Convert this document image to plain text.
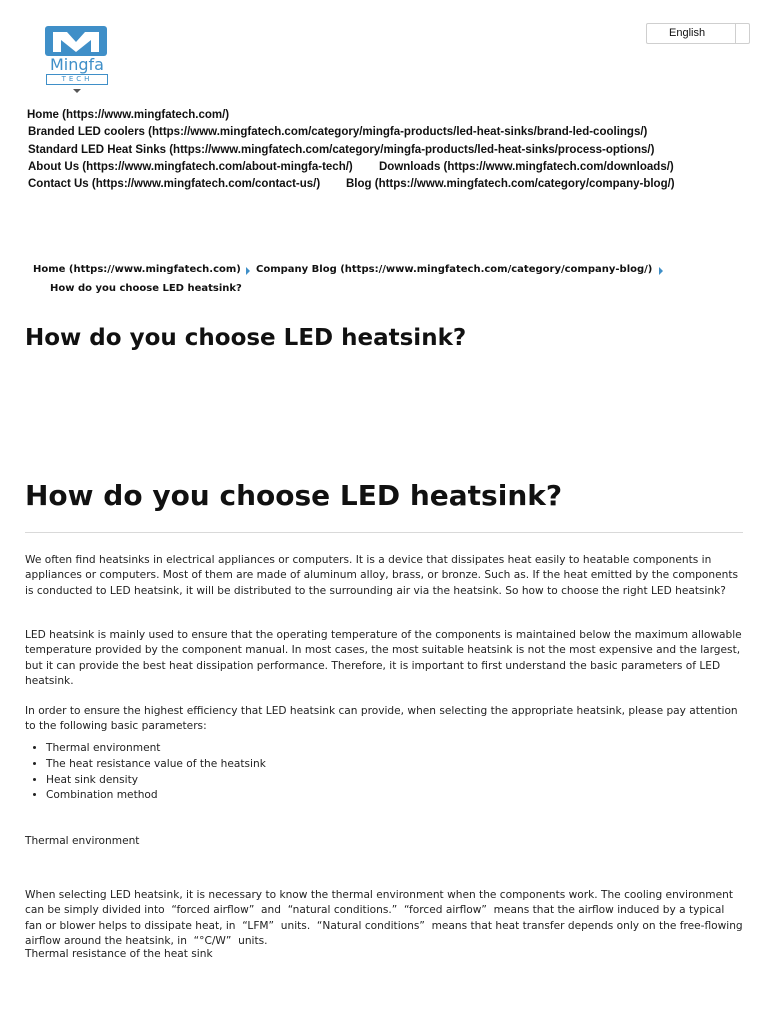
Mingfa
TECH
English
Home (https://www.mingfatech.com/)
Branded LED coolers (https://www.mingfatech.com/category/mingfa-products/led-heat-sinks/brand-led-coolings/)
Standard LED Heat Sinks (https://www.mingfatech.com/category/mingfa-products/led-heat-sinks/process-options/)
About Us (https://www.mingfatech.com/about-mingfa-tech/) Downloads (https://www.mingfatech.com/downloads/)
Contact Us (https://www.mingfatech.com/contact-us/) Blog (https://www.mingfatech.com/category/company-blog/)
Home (https://www.mingfatech.com) Company Blog (https://www.mingfatech.com/category/company-blog/)
How do you choose LED heatsink?
How do you choose LED heatsink?
How do you choose LED heatsink?

We often find heatsinks in electrical appliances or computers. It is a device that dissipates heat easily to heatable components in appliances or computers. Most of them are made of aluminum alloy, brass, or bronze. Such as. If the heat emitted by the components is conducted to LED heatsink, it will be distributed to the surrounding air via the heatsink. So how to choose the right LED heatsink?

LED heatsink is mainly used to ensure that the operating temperature of the components is maintained below the maximum allowable temperature provided by the component manual. In most cases, the most suitable heatsink is not the most expensive and the largest, but it can provide the best heat dissipation performance. Therefore, it is important to first understand the basic parameters of LED heatsink.

In order to ensure the highest efficiency that LED heatsink can provide, when selecting the appropriate heatsink, please pay attention to the following basic parameters:

• Thermal environment
• The heat resistance value of the heatsink
• Heat sink density
• Combination method

Thermal environment

When selecting LED heatsink, it is necessary to know the thermal environment when the components work. The cooling environment can be simply divided into  “forced airflow”  and  “natural conditions.”  “forced airflow”  means that the airflow induced by a typical fan or blower helps to dissipate heat, in  “LFM”  units.  “Natural conditions”  means that heat transfer depends only on the free-flowing airflow around the heatsink, in  “°C/W”  units.

Thermal resistance of the heat sink
